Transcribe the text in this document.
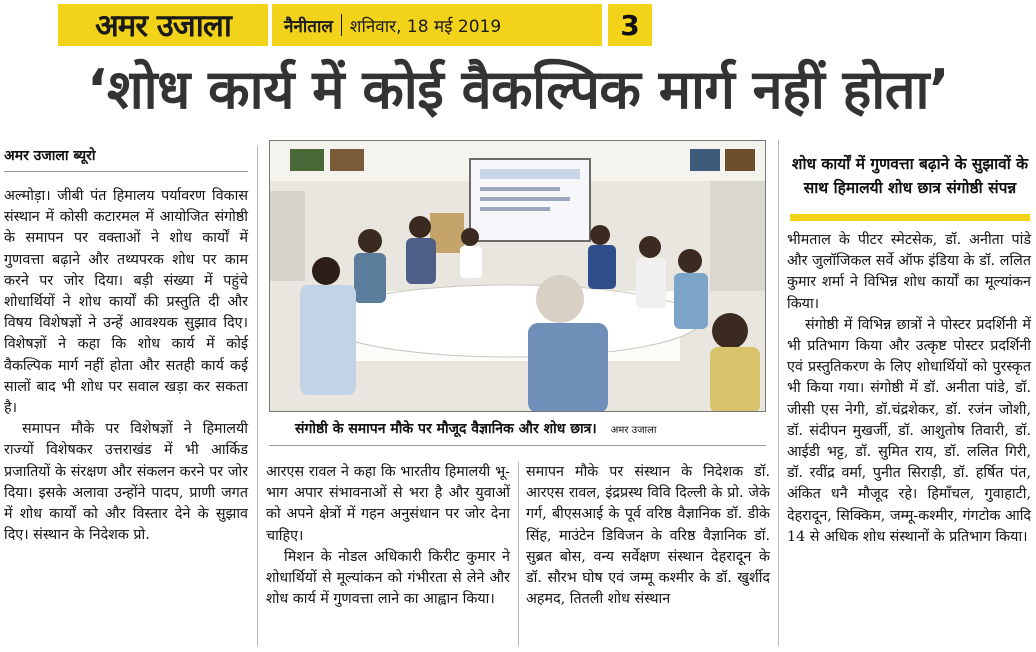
अमर उजाला	नैनीताल शनिवार, 18 मई 2019	3
‘शोध कार्य में कोई वैकल्पिक मार्ग नहीं होता’
अमर उजाला ब्यूरो

अल्मोड़ा। जीबी पंत हिमालय पर्यावरण विकास संस्थान में कोसी कटारमल में आयोजित संगोष्ठी के समापन पर वक्ताओं ने शोध कार्यों में गुणवत्ता बढ़ाने और तथ्यपरक शोध पर काम करने पर जोर दिया। बड़ी संख्या में पहुंचे शोधार्थियों ने शोध कार्यों की प्रस्तुति दी और विषय विशेषज्ञों ने उन्हें आवश्यक सुझाव दिए। विशेषज्ञों ने कहा कि शोध कार्य में कोई वैकल्पिक मार्ग नहीं होता और सतही कार्य कई सालों बाद भी शोध पर सवाल खड़ा कर सकता है।

समापन मौके पर विशेषज्ञों ने हिमालयी राज्यों विशेषकर उत्तराखंड में भी आर्किड प्रजातियों के संरक्षण और संकलन करने पर जोर दिया। इसके अलावा उन्होंने पादप, प्राणी जगत में शोध कार्यों को और विस्तार देने के सुझाव दिए। संस्थान के निदेशक प्रो.

संगोष्ठी के समापन मौके पर मौजूद वैज्ञानिक और शोध छात्र। अमर उजाला

आरएस रावल ने कहा कि भारतीय हिमालयी भू-भाग अपार संभावनाओं से भरा है और युवाओं को अपने क्षेत्रों में गहन अनुसंधान पर जोर देना चाहिए।

मिशन के नोडल अधिकारी किरीट कुमार ने शोधार्थियों से मूल्यांकन को गंभीरता से लेने और शोध कार्य में गुणवत्ता लाने का आह्वान किया।

समापन मौके पर संस्थान के निदेशक डॉ. आरएस रावल, इंद्रप्रस्थ विवि दिल्ली के प्रो. जेके गर्ग, बीएसआई के पूर्व वरिष्ठ वैज्ञानिक डॉ. डीके सिंह, माउंटेन डिविजन के वरिष्ठ वैज्ञानिक डॉ. सुब्रत बोस, वन्य सर्वेक्षण संस्थान देहरादून के डॉ. सौरभ घोष एवं जम्मू कश्मीर के डॉ. खुर्शीद अहमद, तितली शोध संस्थान

शोध कार्यों में गुणवत्ता बढ़ाने के सुझावों के साथ हिमालयी शोध छात्र संगोष्ठी संपन्न

भीमताल के पीटर स्मेटसेक, डॉ. अनीता पांडे और जुलॉजिकल सर्वे ऑफ इंडिया के डॉ. ललित कुमार शर्मा ने विभिन्न शोध कार्यों का मूल्यांकन किया।

संगोष्ठी में विभिन्न छात्रों ने पोस्टर प्रदर्शिनी में भी प्रतिभाग किया और उत्कृष्ट पोस्टर प्रदर्शिनी एवं प्रस्तुतिकरण के लिए शोधार्थियों को पुरस्कृत भी किया गया। संगोष्ठी में डॉ. अनीता पांडे, डॉ. जीसी एस नेगी, डॉ.चंद्रशेकर, डॉ. रजंन जोशी, डॉ. संदीपन मुखर्जी, डॉ. आशुतोष तिवारी, डॉ. आईडी भट्ट, डॉ. सुमित राय, डॉ. ललित गिरी, डॉ. रवींद्र वर्मा, पुनीत सिराड़ी, डॉ. हर्षित पंत, अंकित धनै मौजूद रहे। हिमाँचल, गुवाहाटी, देहरादून, सिक्किम, जम्मू-कश्मीर, गंगटोक आदि 14 से अधिक शोध संस्थानों के प्रतिभाग किया।
